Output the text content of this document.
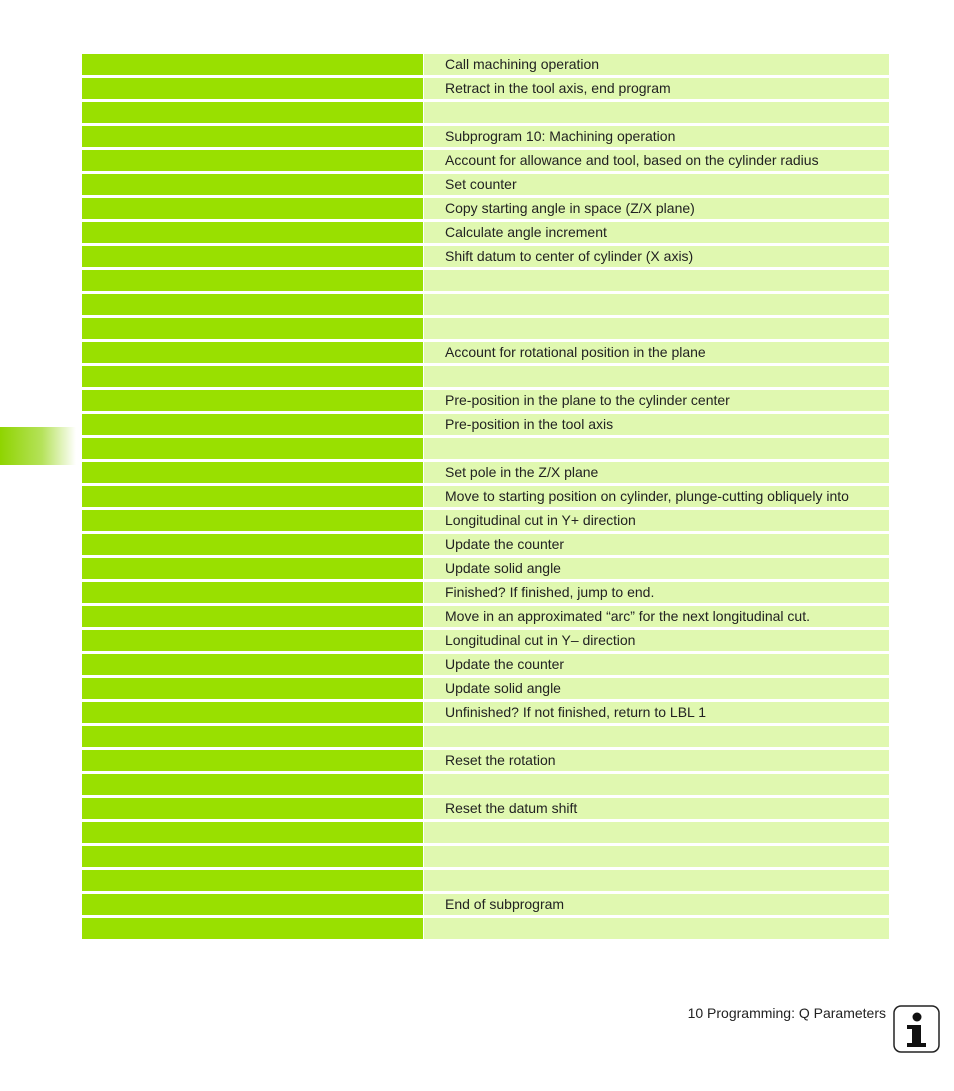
Call machining operation
Retract in the tool axis, end program
Subprogram 10: Machining operation
Account for allowance and tool, based on the cylinder radius
Set counter
Copy starting angle in space (Z/X plane)
Calculate angle increment
Shift datum to center of cylinder (X axis)
Account for rotational position in the plane
Pre-position in the plane to the cylinder center
Pre-position in the tool axis
Set pole in the Z/X plane
Move to starting position on cylinder, plunge-cutting obliquely into
Longitudinal cut in Y+ direction
Update the counter
Update solid angle
Finished? If finished, jump to end.
Move in an approximated “arc” for the next longitudinal cut.
Longitudinal cut in Y– direction
Update the counter
Update solid angle
Unfinished? If not finished, return to LBL 1
Reset the rotation
Reset the datum shift
End of subprogram
10 Programming: Q Parameters
